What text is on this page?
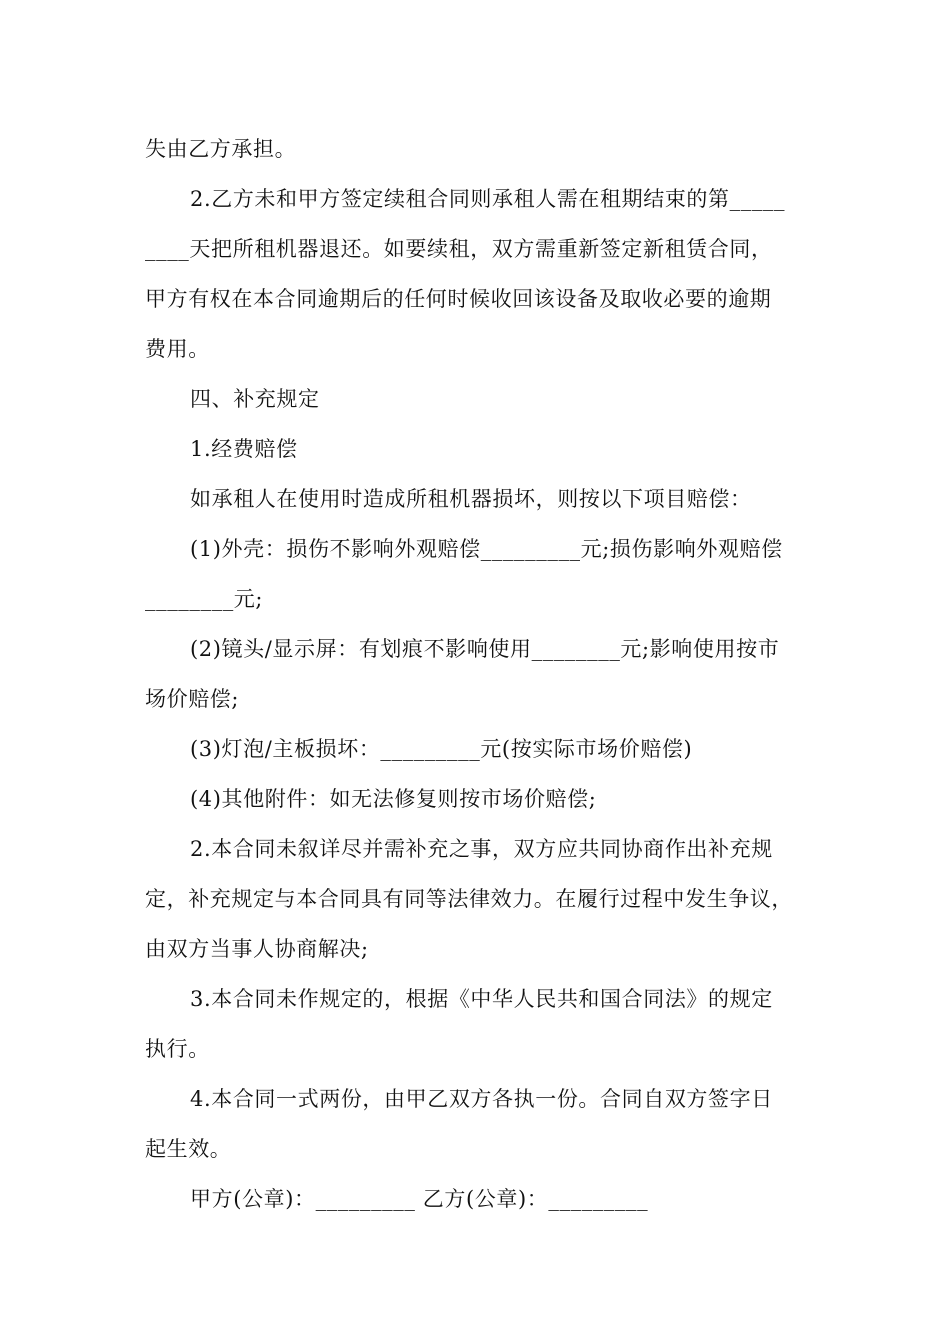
失由乙方承担。
2.乙方未和甲方签定续租合同则承租人需在租期结束的第_____
____天把所租机器退还。如要续租，双方需重新签定新租赁合同，
甲方有权在本合同逾期后的任何时候收回该设备及取收必要的逾期
费用。
四、补充规定
1.经费赔偿
如承租人在使用时造成所租机器损坏，则按以下项目赔偿：
(1)外壳：损伤不影响外观赔偿_________元;损伤影响外观赔偿
________元;
(2)镜头/显示屏：有划痕不影响使用________元;影响使用按市
场价赔偿;
(3)灯泡/主板损坏：_________元(按实际市场价赔偿)
(4)其他附件：如无法修复则按市场价赔偿;
2.本合同未叙详尽并需补充之事，双方应共同协商作出补充规
定，补充规定与本合同具有同等法律效力。在履行过程中发生争议，
由双方当事人协商解决;
3.本合同未作规定的，根据《中华人民共和国合同法》的规定
执行。
4.本合同一式两份，由甲乙双方各执一份。合同自双方签字日
起生效。
甲方(公章)：_________ 乙方(公章)：_________
